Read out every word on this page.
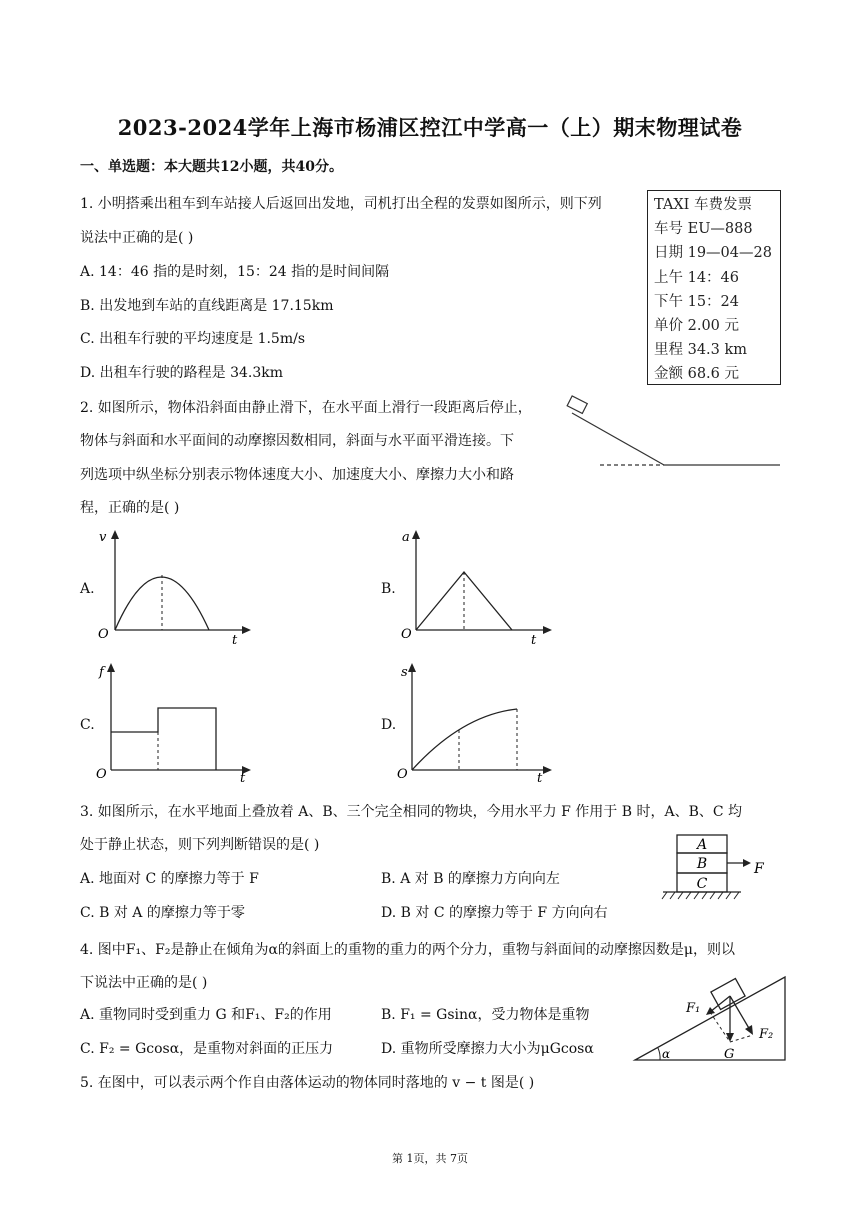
2023-2024学年上海市杨浦区控江中学高一（上）期末物理试卷
一、单选题：本大题共12小题，共40分。
1. 小明搭乘出租车到车站接人后返回出发地，司机打出全程的发票如图所示，则下列
说法中正确的是( )
A. 14：46 指的是时刻，15：24 指的是时间间隔
B. 出发地到车站的直线距离是 17.15km
C. 出租车行驶的平均速度是 1.5m/s
D. 出租车行驶的路程是 34.3km
TAXI 车费发票
车号 EU—888
日期 19—04—28
上午 14：46
下午 15：24
单价 2.00 元
里程 34.3 km
金额 68.6 元
2. 如图所示，物体沿斜面由静止滑下，在水平面上滑行一段距离后停止，
物体与斜面和水平面间的动摩擦因数相同，斜面与水平面平滑连接。下
列选项中纵坐标分别表示物体速度大小、加速度大小、摩擦力大小和路
程，正确的是( )
A.
v
O	t
B.
a
O	t
C.
f
O	t
D.
s
O	t
3. 如图所示，在水平地面上叠放着 A、B、三个完全相同的物块，今用水平力 F 作用于 B 时，A、B、C 均
处于静止状态，则下列判断错误的是( )
A. 地面对 C 的摩擦力等于 F	B. A 对 B 的摩擦力方向向左
C. B 对 A 的摩擦力等于零	D. B 对 C 的摩擦力等于 F 方向向右
A
B
C
F
4. 图中F₁、F₂是静止在倾角为α的斜面上的重物的重力的两个分力，重物与斜面间的动摩擦因数是μ，则以
下说法中正确的是( )
A. 重物同时受到重力 G 和F₁、F₂的作用	B. F₁ = Gsinα，受力物体是重物
C. F₂ = Gcosα，是重物对斜面的正压力	D. 重物所受摩擦力大小为μGcosα	α
F₁
F₂
G
5. 在图中，可以表示两个作自由落体运动的物体同时落地的 v − t 图是( )
第 1页，共 7页
